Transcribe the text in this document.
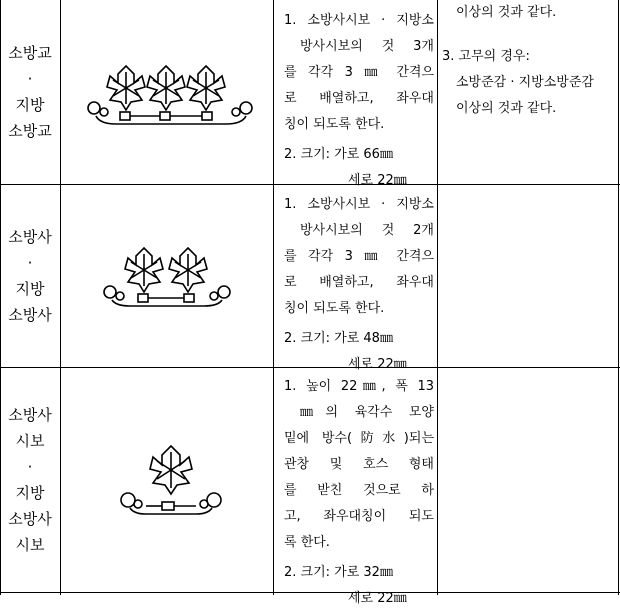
소방교
·
지방
소방교
1. 소방사시보 · 지방소
방사시보의 것 3개
를 각각 3 ㎜ 간격으
로 배열하고, 좌우대
칭이 되도록 한다.
2. 크기: 가로 66㎜
세로 22㎜
소방사
·
지방
소방사
1. 소방사시보 · 지방소
방사시보의 것 2개
를 각각 3 ㎜ 간격으
로 배열하고, 좌우대
칭이 되도록 한다.
2. 크기: 가로 48㎜
세로 22㎜
소방사
시보
·
지방
소방사
시보
1. 높이 22㎜, 폭 13
㎜의 육각수 모양
밑에 방수(防水)되는
관창 및 호스 형태
를 받친 것으로 하
고, 좌우대칭이 되도
록 한다.
2. 크기: 가로 32㎜
세로 22㎜
이상의 것과 같다.
3. 고무의 경우:
소방준감 · 지방소방준감
이상의 것과 같다.
